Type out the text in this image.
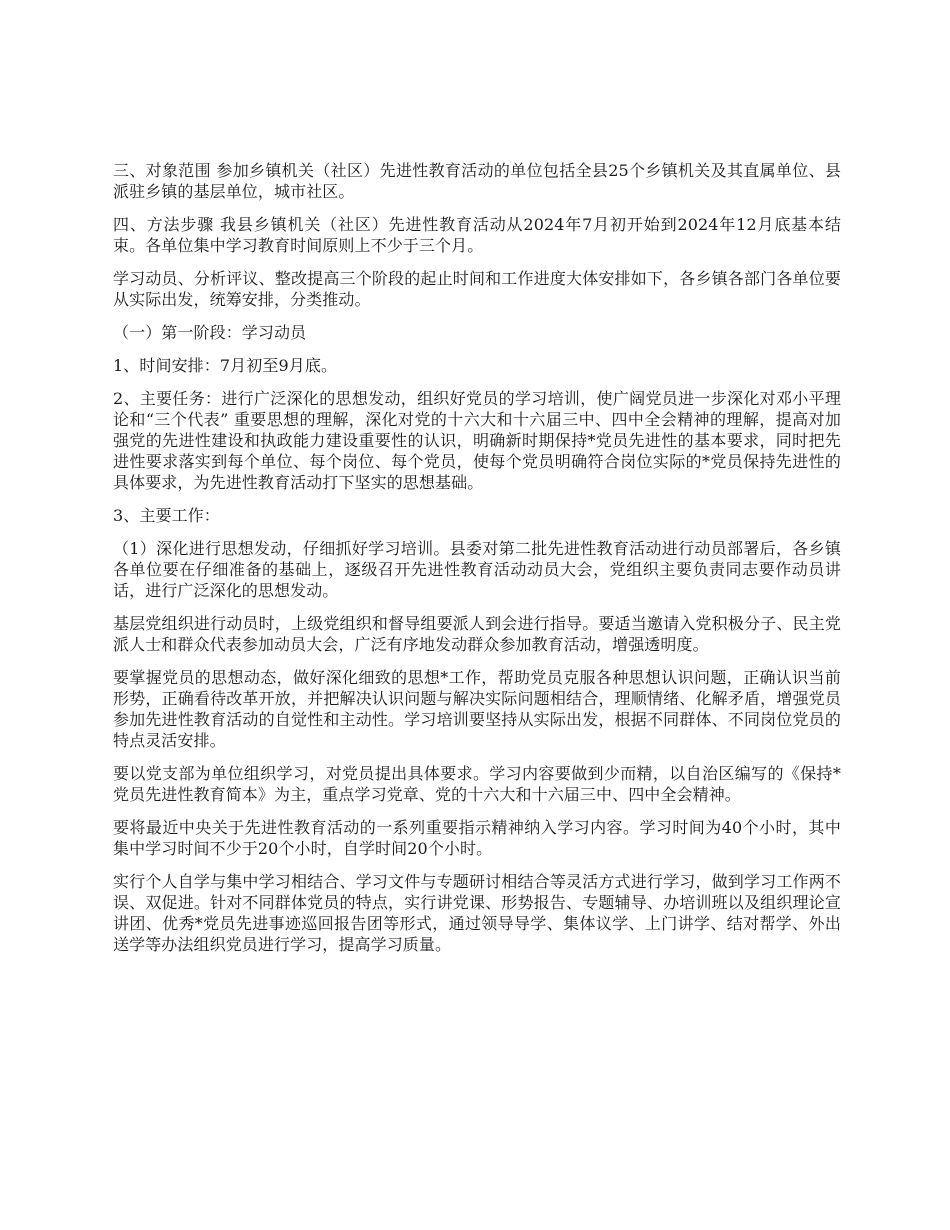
三、对象范围 参加乡镇机关（社区）先进性教育活动的单位包括全县25个乡镇机关及其直属单位、县派驻乡镇的基层单位，城市社区。

四、方法步骤 我县乡镇机关（社区）先进性教育活动从2024年7月初开始到2024年12月底基本结束。各单位集中学习教育时间原则上不少于三个月。

学习动员、分析评议、整改提高三个阶段的起止时间和工作进度大体安排如下，各乡镇各部门各单位要从实际出发，统筹安排，分类推动。

（一）第一阶段：学习动员

1、时间安排：7月初至9月底。

2、主要任务：进行广泛深化的思想发动，组织好党员的学习培训，使广阔党员进一步深化对邓小平理论和“三个代表” 重要思想的理解，深化对党的十六大和十六届三中、四中全会精神的理解，提高对加强党的先进性建设和执政能力建设重要性的认识，明确新时期保持*党员先进性的基本要求，同时把先进性要求落实到每个单位、每个岗位、每个党员，使每个党员明确符合岗位实际的*党员保持先进性的具体要求，为先进性教育活动打下坚实的思想基础。

3、主要工作：

（1）深化进行思想发动，仔细抓好学习培训。县委对第二批先进性教育活动进行动员部署后，各乡镇各单位要在仔细准备的基础上，逐级召开先进性教育活动动员大会，党组织主要负责同志要作动员讲话，进行广泛深化的思想发动。

基层党组织进行动员时，上级党组织和督导组要派人到会进行指导。要适当邀请入党积极分子、民主党派人士和群众代表参加动员大会，广泛有序地发动群众参加教育活动，增强透明度。

要掌握党员的思想动态，做好深化细致的思想*工作，帮助党员克服各种思想认识问题，正确认识当前形势，正确看待改革开放，并把解决认识问题与解决实际问题相结合，理顺情绪、化解矛盾，增强党员参加先进性教育活动的自觉性和主动性。学习培训要坚持从实际出发，根据不同群体、不同岗位党员的特点灵活安排。

要以党支部为单位组织学习，对党员提出具体要求。学习内容要做到少而精，以自治区编写的《保持*党员先进性教育简本》为主，重点学习党章、党的十六大和十六届三中、四中全会精神。

要将最近中央关于先进性教育活动的一系列重要指示精神纳入学习内容。学习时间为40个小时，其中集中学习时间不少于20个小时，自学时间20个小时。

实行个人自学与集中学习相结合、学习文件与专题研讨相结合等灵活方式进行学习，做到学习工作两不误、双促进。针对不同群体党员的特点，实行讲党课、形势报告、专题辅导、办培训班以及组织理论宣讲团、优秀*党员先进事迹巡回报告团等形式，通过领导导学、集体议学、上门讲学、结对帮学、外出送学等办法组织党员进行学习，提高学习质量。
